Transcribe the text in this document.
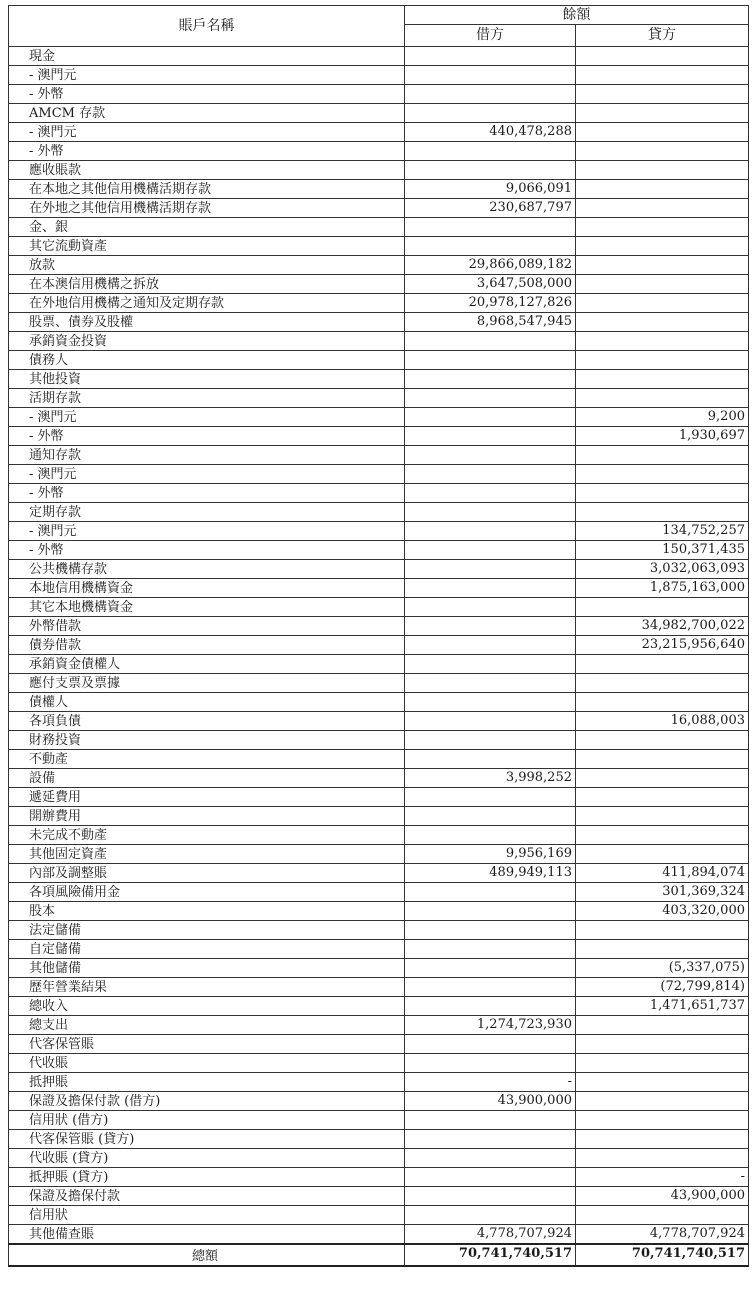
賬戶名稱	餘額	
	借方	貸方
現金		
- 澳門元		
- 外幣		
AMCM 存款		
- 澳門元	440,478,288	
- 外幣		
應收賬款		
在本地之其他信用機構活期存款	9,066,091	
在外地之其他信用機構活期存款	230,687,797	
金、銀		
其它流動資產		
放款	29,866,089,182	
在本澳信用機構之拆放	3,647,508,000	
在外地信用機構之通知及定期存款	20,978,127,826	
股票、債券及股權	8,968,547,945	
承銷資金投資		
債務人		
其他投資		
活期存款		
- 澳門元		9,200
- 外幣		1,930,697
通知存款		
- 澳門元		
- 外幣		
定期存款		
- 澳門元		134,752,257
- 外幣		150,371,435
公共機構存款		3,032,063,093
本地信用機構資金		1,875,163,000
其它本地機構資金		
外幣借款		34,982,700,022
債券借款		23,215,956,640
承銷資金債權人		
應付支票及票據		
債權人		
各項負債		16,088,003
財務投資		
不動產		
設備	3,998,252	
遞延費用		
開辦費用		
未完成不動產		
其他固定資產	9,956,169	
內部及調整賬	489,949,113	411,894,074
各項風險備用金		301,369,324
股本		403,320,000
法定儲備		
自定儲備		
其他儲備		(5,337,075)
歷年營業結果		(72,799,814)
總收入		1,471,651,737
總支出	1,274,723,930	
代客保管賬		
代收賬		
抵押賬	-	
保證及擔保付款 (借方)	43,900,000	
信用狀 (借方)		
代客保管賬 (貸方)		
代收賬 (貸方)		
抵押賬 (貸方)		-
保證及擔保付款		43,900,000
信用狀		
其他備查賬	4,778,707,924	4,778,707,924
總額	70,741,740,517	70,741,740,517
